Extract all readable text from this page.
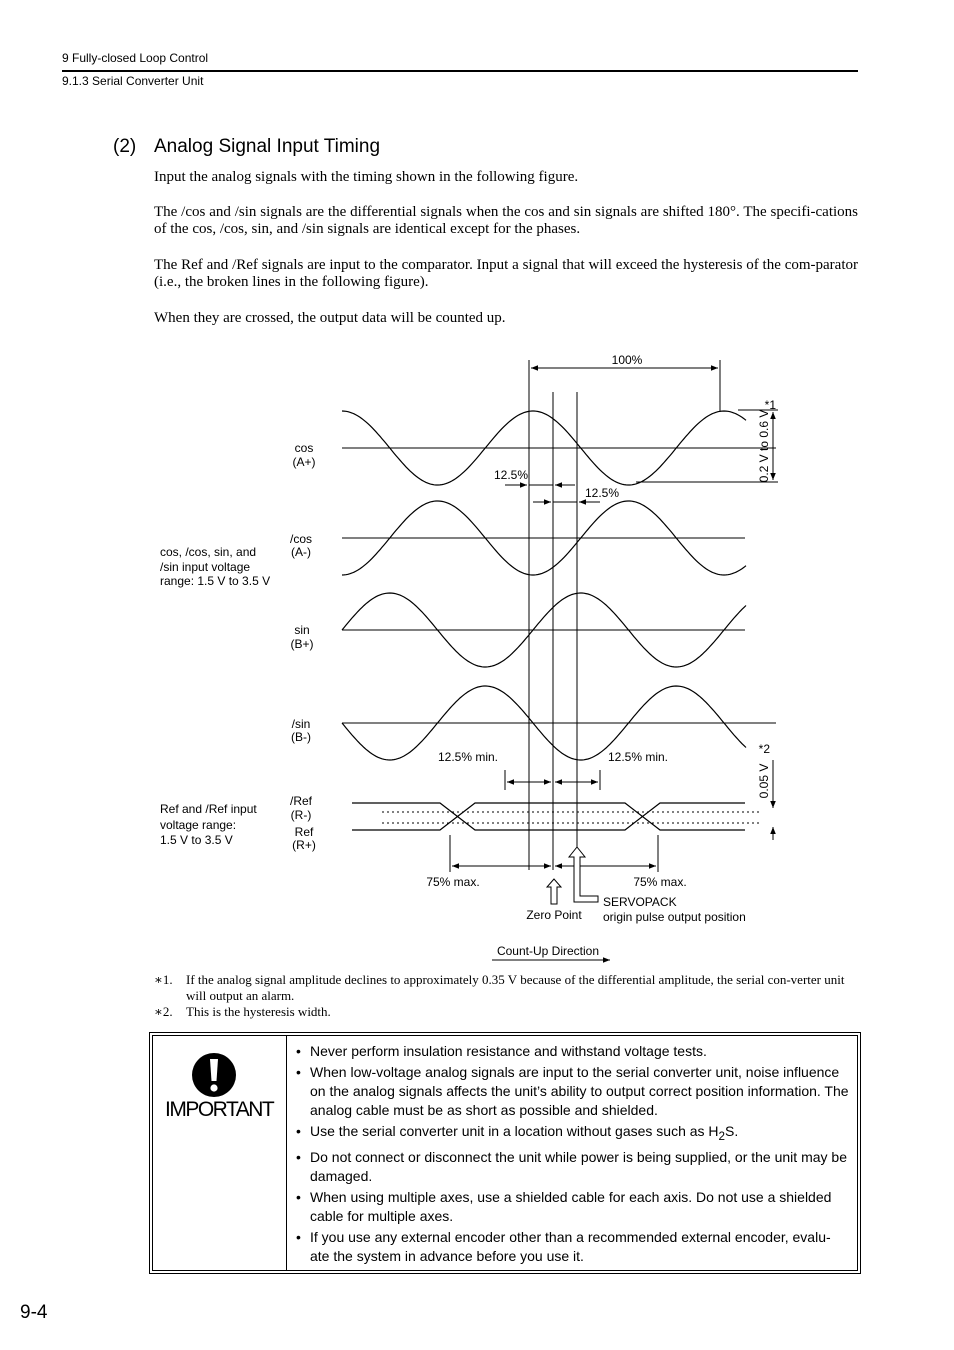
9 Fully-closed Loop Control
9.1.3 Serial Converter Unit
(2) Analog Signal Input Timing
Input the analog signals with the timing shown in the following figure.
The /cos and /sin signals are the differential signals when the cos and sin signals are shifted 180°. The specifi-cations of the cos, /cos, sin, and /sin signals are identical except for the phases.
The Ref and /Ref signals are input to the comparator. Input a signal that will exceed the hysteresis of the com-parator (i.e., the broken lines in the following figure).
When they are crossed, the output data will be counted up.
100%
12.5%
12.5%
*1
0.2 V to 0.6 V
cos
(A+)
/cos
(A-)
sin
(B+)
/sin
(B-)
/Ref
(R-)
Ref
(R+)
cos, /cos, sin, and
/sin input voltage
range: 1.5 V to 3.5 V
Ref and /Ref input
voltage range:
1.5 V to 3.5 V
12.5% min.	12.5% min.
*2
0.05 V
75% max.	75% max.
Zero Point
SERVOPACK
origin pulse output position
Count-Up Direction
∗1. If the analog signal amplitude declines to approximately 0.35 V because of the differential amplitude, the serial con-verter unit will output an alarm.
∗2. This is the hysteresis width.
IMPORTANT
• Never perform insulation resistance and withstand voltage tests.
• When low-voltage analog signals are input to the serial converter unit, noise influence on the analog signals affects the unit’s ability to output correct position information. The analog cable must be as short as possible and shielded.
• Use the serial converter unit in a location without gases such as $H_2S$.
• Do not connect or disconnect the unit while power is being supplied, or the unit may be damaged.
• When using multiple axes, use a shielded cable for each axis. Do not use a shielded cable for multiple axes.
• If you use any external encoder other than a recommended external encoder, evalu-ate the system in advance before you use it.
9-4
